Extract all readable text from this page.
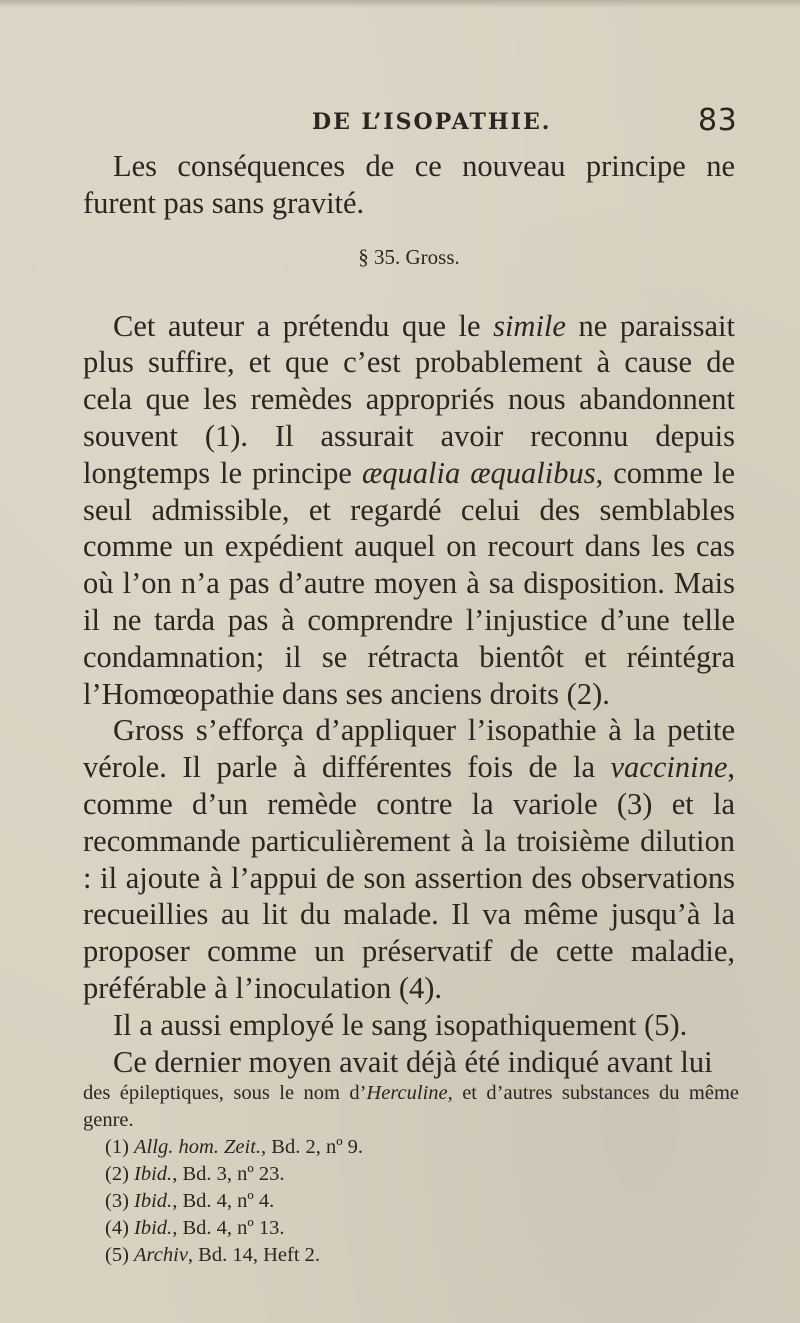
DE L’ISOPATHIE.	83

Les conséquences de ce nouveau principe ne furent pas sans gravité.

§ 35. Gross.

Cet auteur a prétendu que le simile ne paraissait plus suffire, et que c’est probablement à cause de cela que les remèdes appropriés nous abandonnent souvent (1). Il assurait avoir reconnu depuis longtemps le principe æqualia æqualibus, comme le seul admissible, et regardé celui des semblables comme un expédient auquel on recourt dans les cas où l’on n’a pas d’autre moyen à sa disposition. Mais il ne tarda pas à comprendre l’injustice d’une telle condamnation; il se rétracta bientôt et réintégra l’Homœopathie dans ses anciens droits (2).

Gross s’efforça d’appliquer l’isopathie à la petite vérole. Il parle à différentes fois de la vaccinine, comme d’un remède contre la variole (3) et la recommande particulièrement à la troisième dilution : il ajoute à l’appui de son assertion des observations recueillies au lit du malade. Il va même jusqu’à la proposer comme un préservatif de cette maladie, préférable à l’inoculation (4).

Il a aussi employé le sang isopathiquement (5).

Ce dernier moyen avait déjà été indiqué avant lui

des épileptiques, sous le nom d’Herculine, et d’autres substances du même genre.

(1) Allg. hom. Zeit., Bd. 2, nº 9.

(2) Ibid., Bd. 3, nº 23.

(3) Ibid., Bd. 4, nº 4.

(4) Ibid., Bd. 4, nº 13.

(5) Archiv, Bd. 14, Heft 2.
